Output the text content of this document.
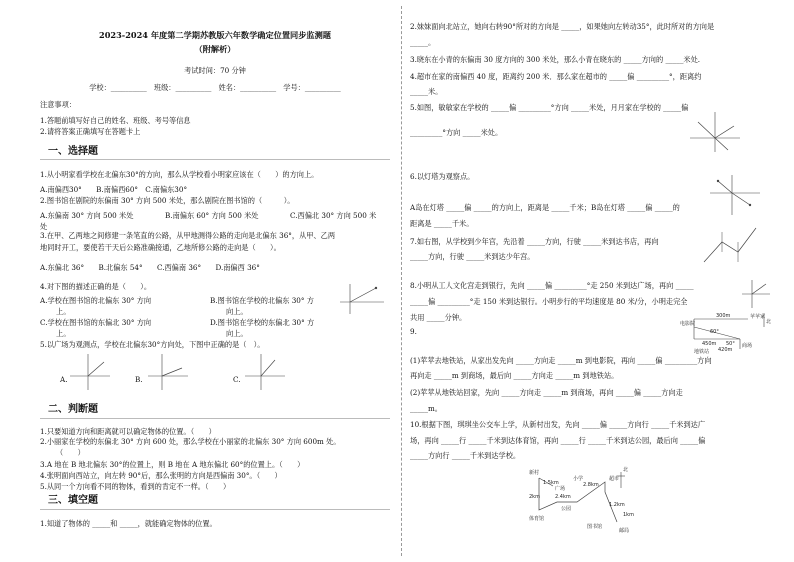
2023-2024 年度第二学期苏教版六年数学确定位置同步监测题
（附解析）
考试时间：70 分钟
学校：__________　班级：__________　姓名：__________　学号：__________
注意事项：
1.答题前填写好自己的姓名、班级、考号等信息
2.请将答案正确填写在答题卡上
一、选择题
1.从小明家看学校在北偏东30°的方向，那么从学校看小明家应该在（　　）的方向上。
A.南偏西30°　　B.南偏西60°　C.南偏东30°
2.图书馆在剧院的东偏南 30° 方向 500 米处，那么剧院在图书馆的（　　　）。
A.东偏南 30° 方向 500 米处	B.南偏东 60° 方向 500 米处	C.西偏北 30° 方向 500 米
处
3.在甲、乙两地之间修建一条笔直的公路，从甲地测得公路的走向是北偏东 36°，从甲、乙两
地同时开工，要使若干天后公路准确接通，乙地所修公路的走向是（　　）。
A.东偏北 36°　　B.北偏东 54°　　C.西偏南 36°　　D.南偏西 36°
4.对下图的描述正确的是（　　）。
A.学校在图书馆的北偏东 30° 方向
上。
B.图书馆在学校的北偏东 30° 方
向上。
C.学校在图书馆的东偏北 30° 方向
上。
D.图书馆在学校的东偏北 30° 方
向上。
5.以广场为观测点，学校在北偏东30°方向处，下图中正确的是（　）。
A.	B.	C.
二、判断题
1.只要知道方向和距离就可以确定物体的位置。（　　）
2.小丽家在学校的东偏北 30° 方向 600 处，那么学校在小丽家的北偏东 30° 方向 600m 处。
（　　）
3.A 地在 B 地北偏东 30°的位置上，则 B 地在 A 地东偏北 60°的位置上。（　　）
4.张明面向西站立，向左转 90°后，那么张明的方向是西偏南 30°。（　　）
5.从同一个方向看不同的物体，看到的肯定不一样。（　　）
三、填空题
1.知道了物体的 _____和 _____，就能确定物体的位置。
2.妹妹面向北站立，她向右转90°所对的方向是 _____，如果她向左转动35°，此时所对的方向是
_____。
3.晓东在小青的东偏南 30 度方向的 300 米处，那么小青在晓东的 _____方向的 _____米处.
4.超市在家的南偏西 40 度，距离约 200 米．那么家在超市的 _____偏 _________°，距离约
_____米。
5.如图，敏敏家在学校的 _____偏 _________°方向 _____米处，月月家在学校的 _____偏
_________°方向 _____米处。
6.以灯塔为观察点。
A岛在灯塔 _____偏 _____的方向上，距离是 _____千米；B岛在灯塔 _____偏 _____的
距离是 _____千米。
7.如右图，从学校到少年宫，先沿着 _____方向，行驶 _____米到达书店，再向
_____方向，行驶 _____米到达少年宫。
8.小明从工人文化宫走到银行，先向 _____偏 _________°走 250 米到达广场，再向 _____
_____偏 _________°走 150 米到达银行。小明步行的平均速度是 80 米/分，小明走完全
共用 _____分钟。
9.
电影院
苹苹家
北
300m
60°
450m 50° 商场
420m
地铁站
(1)苹苹去地铁站，从家出发先向 _____方向走 _____m 到电影院，再向 _____偏 _________方向
再向走 _____m 到商场，最后向 _____方向走 _____m 到地铁站。
(2)苹苹从地铁站回家，先向 _____方向走 _____m 到商场，再向 _____偏 _____方向走
_____m。
10.根据下图，琪琪坐公交车上学，从新村出发，先向 _____偏 _____方向行 _____千米到达广
场，再向 _____行 _____千米到达体育馆，再向 _____行 _____千米到达公园，最后向 _____偏
_____方向行 _____千米到达学校。
新村	北
1.5km
广场
2km	2.4km
小学
2.8km
超市
1.2km
体育馆
公园
图书馆
邮局
1km
